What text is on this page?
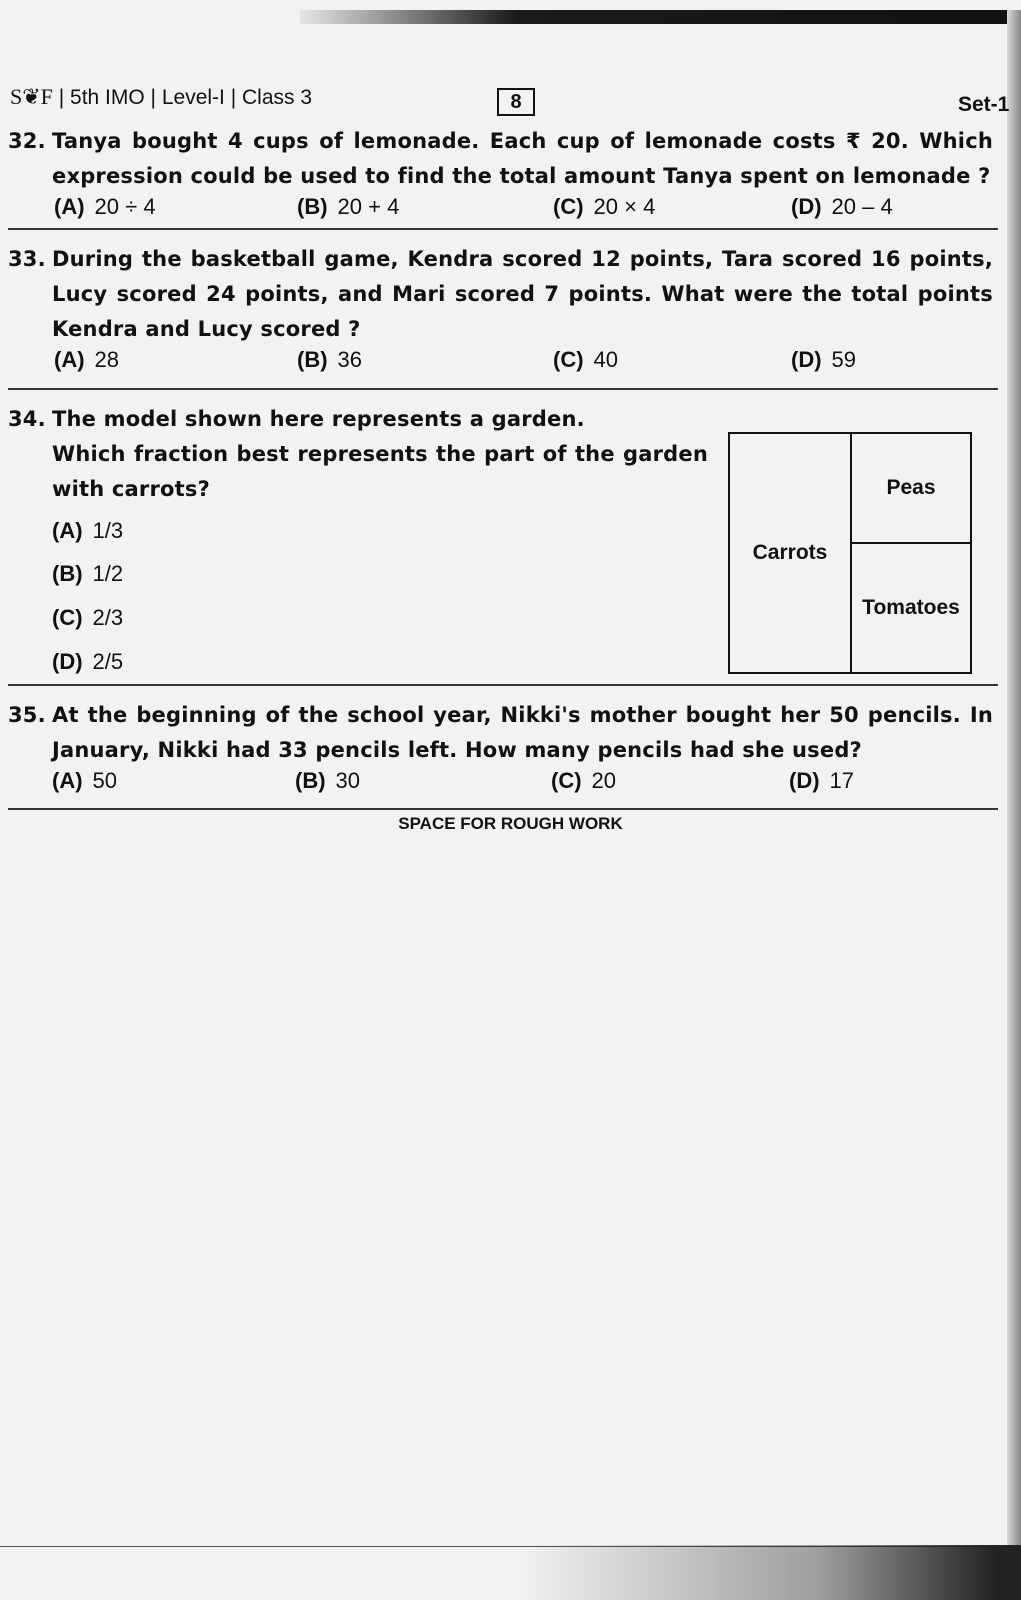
S❦F | 5th IMO | Level-I | Class 3	8	Set-1
32. Tanya bought 4 cups of lemonade. Each cup of lemonade costs ₹ 20. Which expression could be used to find the total amount Tanya spent on lemonade ?
(A) 20 ÷ 4	(B) 20 + 4	(C) 20 × 4	(D) 20 – 4
33. During the basketball game, Kendra scored 12 points, Tara scored 16 points, Lucy scored 24 points, and Mari scored 7 points. What were the total points Kendra and Lucy scored ?
(A) 28	(B) 36	(C) 40	(D) 59
34. The model shown here represents a garden.
Which fraction best represents the part of the garden with carrots?
(A) 1/3
(B) 1/2
(C) 2/3
(D) 2/5
Carrots
Peas
Tomatoes
35. At the beginning of the school year, Nikki's mother bought her 50 pencils. In January, Nikki had 33 pencils left. How many pencils had she used?
(A) 50	(B) 30	(C) 20	(D) 17
SPACE FOR ROUGH WORK
